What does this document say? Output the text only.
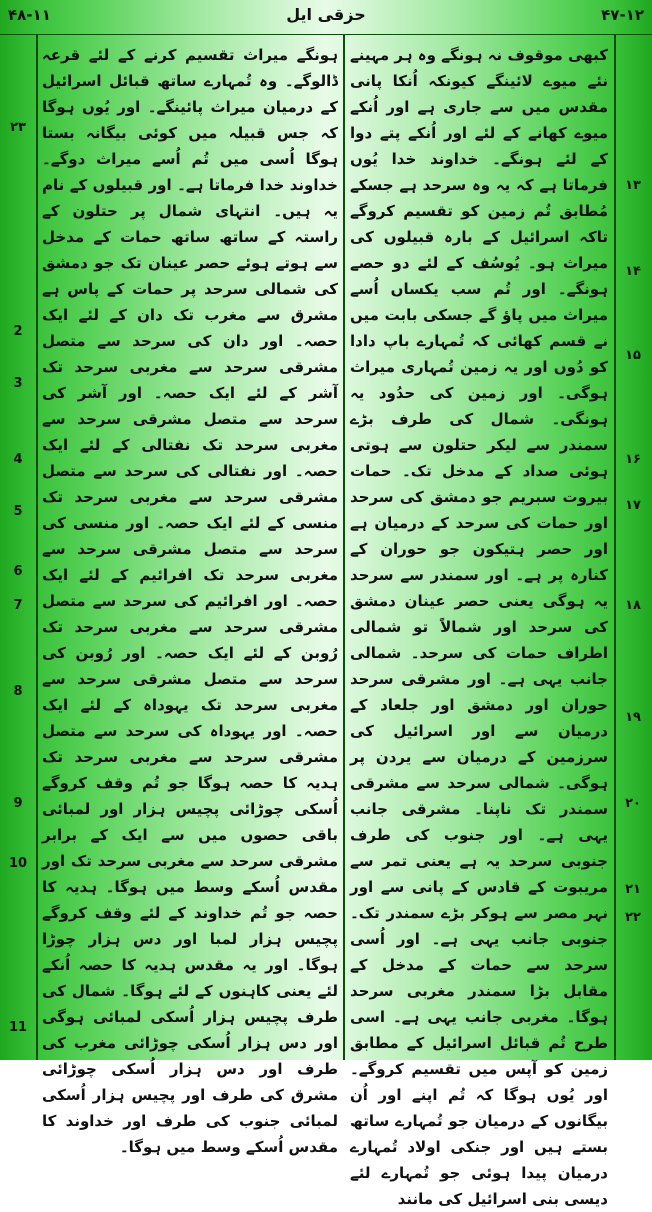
۴۸-۱۱	حزقی ایل	۴۷-۱۲

ہونگے میراث تقسیم کرنے کے لئے قرعہ ڈالوگے۔ وہ تُمہارے ساتھ قبائل اسرائیل کے درمیان میراث پائینگے۔ اور یُوں ہوگا کہ جس قبیلہ میں کوئی بیگانہ بستا ہوگا اُسی میں تُم اُسے میراث دوگے۔ خداوند خدا فرماتا ہے۔ اور قبیلوں کے نام یہ ہیں۔ انتہای شمال پر حتلون کے راستہ کے ساتھ ساتھ حمات کے مدخل سے ہوتے ہوئے حصر عینان تک جو دمشق کی شمالی سرحد پر حمات کے پاس ہے مشرق سے مغرب تک دان کے لئے ایک حصہ۔ اور دان کی سرحد سے متصل مشرقی سرحد سے مغربی سرحد تک آشر کے لئے ایک حصہ۔ اور آشر کی سرحد سے متصل مشرقی سرحد سے مغربی سرحد تک نفتالی کے لئے ایک حصہ۔ اور نفتالی کی سرحد سے متصل مشرقی سرحد سے مغربی سرحد تک منسی کے لئے ایک حصہ۔ اور منسی کی سرحد سے متصل مشرقی سرحد سے مغربی سرحد تک افرائیم کے لئے ایک حصہ۔ اور افرائیم کی سرحد سے متصل مشرقی سرحد سے مغربی سرحد تک رُوبن کے لئے ایک حصہ۔ اور رُوبن کی سرحد سے متصل مشرقی سرحد سے مغربی سرحد تک یہوداہ کے لئے ایک حصہ۔ اور یہوداہ کی سرحد سے متصل مشرقی سرحد سے مغربی سرحد تک ہدیہ کا حصہ ہوگا جو تُم وقف کروگے اُسکی چوڑائی پچیس ہزار اور لمبائی باقی حصوں میں سے ایک کے برابر مشرقی سرحد سے مغربی سرحد تک اور مقدس اُسکے وسط میں ہوگا۔ ہدیہ کا حصہ جو تُم خداوند کے لئے وقف کروگے پچیس ہزار لمبا اور دس ہزار چوڑا ہوگا۔ اور یہ مقدس ہدیہ کا حصہ اُنکے لئے یعنی کاہنوں کے لئے ہوگا۔ شمال کی طرف پچیس ہزار اُسکی لمبائی ہوگی اور دس ہزار اُسکی چوڑائی مغرب کی طرف اور دس ہزار اُسکی چوڑائی مشرق کی طرف اور پچیس ہزار اُسکی لمبائی جنوب کی طرف اور خداوند کا مقدس اُسکے وسط میں ہوگا۔

کبھی موقوف نہ ہونگے وہ ہر مہینے نئے میوے لائینگے کیونکہ اُنکا پانی مقدس میں سے جاری ہے اور اُنکے میوے کھانے کے لئے اور اُنکے پتے دوا کے لئے ہونگے۔ خداوند خدا یُوں فرماتا ہے کہ یہ وہ سرحد ہے جسکے مُطابق تُم زمین کو تقسیم کروگے تاکہ اسرائیل کے بارہ قبیلوں کی میراث ہو۔ یُوسُف کے لئے دو حصے ہونگے۔ اور تُم سب یکساں اُسے میراث میں پاؤ گے جسکی بابت میں نے قسم کھائی کہ تُمہارے باپ دادا کو دُوں اور یہ زمین تُمہاری میراث ہوگی۔ اور زمین کی حدُود یہ ہونگی۔ شمال کی طرف بڑے سمندر سے لیکر حتلون سے ہوتی ہوئی صداد کے مدخل تک۔ حمات بیروت سبریم جو دمشق کی سرحد اور حمات کی سرحد کے درمیان ہے اور حصر ہتیکون جو حوران کے کنارہ پر ہے۔ اور سمندر سے سرحد یہ ہوگی یعنی حصر عینان دمشق کی سرحد اور شمالاً تو شمالی اطراف حمات کی سرحد۔ شمالی جانب یہی ہے۔ اور مشرقی سرحد حوران اور دمشق اور جلعاد کے درمیان سے اور اسرائیل کی سرزمین کے درمیان سے یردن پر ہوگی۔ شمالی سرحد سے مشرقی سمندر تک ناپنا۔ مشرقی جانب یہی ہے۔ اور جنوب کی طرف جنوبی سرحد یہ ہے یعنی تمر سے مریبوت کے قادس کے پانی سے اور نہر مصر سے ہوکر بڑے سمندر تک۔ جنوبی جانب یہی ہے۔ اور اُسی سرحد سے حمات کے مدخل کے مقابل بڑا سمندر مغربی سرحد ہوگا۔ مغربی جانب یہی ہے۔ اسی طرح تُم قبائل اسرائیل کے مطابق زمین کو آپس میں تقسیم کروگے۔ اور یُوں ہوگا کہ تُم اپنے اور اُن بیگانوں کے درمیان جو تُمہارے ساتھ بستے ہیں اور جنکی اولاد تُمہارے درمیان پیدا ہوئی جو تُمہارے لئے دیسی بنی اسرائیل کی مانند

۱۳
۱۴
۱۵
۱۶
۱۷
۱۸
۱۹
۲۰
۲۱
۲۲
۲۳
2
3
4
5
6
7
8
9
10
11
